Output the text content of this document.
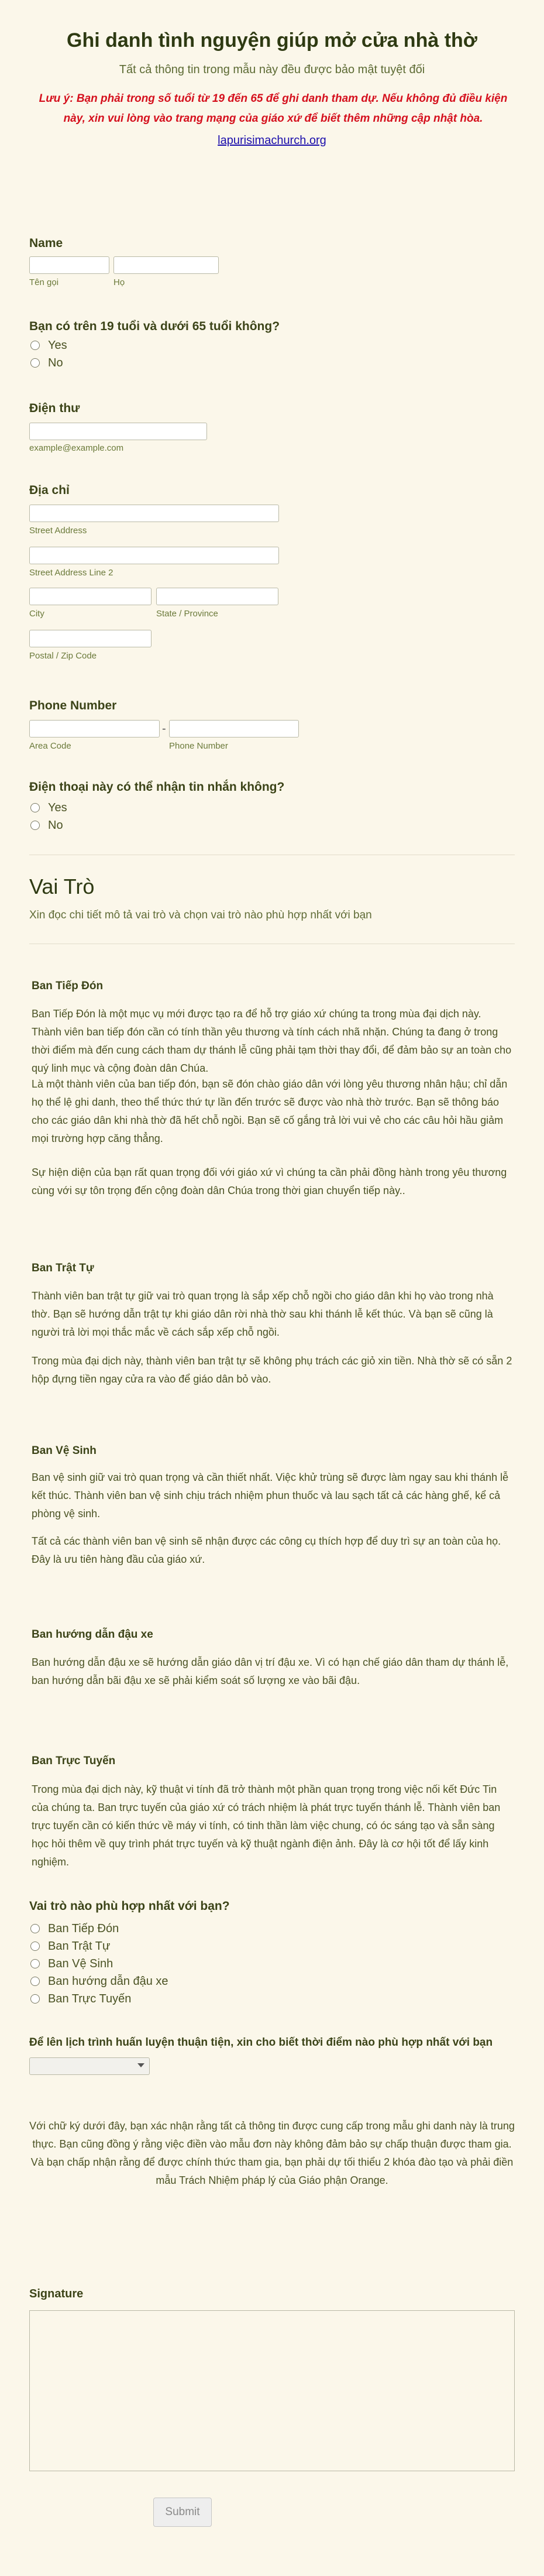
Ghi danh tình nguyện giúp mở cửa nhà thờ
Tất cả thông tin trong mẫu này đều được bảo mật tuyệt đối
Lưu ý: Bạn phải trong số tuổi từ 19 đến 65 để ghi danh tham dự. Nếu không đủ điều kiện này, xin vui lòng vào trang mạng của giáo xứ để biết thêm những cập nhật hòa.
lapurisimachurch.org
Name
Tên gọi	Họ
Bạn có trên 19 tuổi và dưới 65 tuổi không?
Yes
No
Điện thư
example@example.com
Địa chỉ
Street Address
Street Address Line 2
City	State / Province
Postal / Zip Code
Phone Number
-
Area Code	Phone Number
Điện thoại này có thể nhận tin nhắn không?
Yes
No
Vai Trò
Xin đọc chi tiết mô tả vai trò và chọn vai trò nào phù hợp nhất với bạn
Ban Tiếp Đón
Ban Tiếp Đón là một mục vụ mới được tạo ra để hỗ trợ giáo xứ chúng ta trong mùa đại dịch này. Thành viên ban tiếp đón cần có tính thần yêu thương và tính cách nhã nhặn. Chúng ta đang ở trong thời điểm mà đến cung cách tham dự thánh lễ cũng phải tạm thời thay đổi, để đảm bảo sự an toàn cho quý linh mục và cộng đoàn dân Chúa.
Là một thành viên của ban tiếp đón, bạn sẽ đón chào giáo dân với lòng yêu thương nhân hậu; chỉ dẫn họ thể lệ ghi danh, theo thể thức thứ tự lần đến trước sẽ được vào nhà thờ trước. Bạn sẽ thông báo cho các giáo dân khi nhà thờ đã hết chỗ ngồi. Bạn sẽ cố gắng trả lời vui vẻ cho các câu hỏi hầu giảm mọi trường hợp căng thẳng.
Sự hiện diện của bạn rất quan trọng đối với giáo xứ vì chúng ta cần phải đồng hành trong yêu thương cùng với sự tôn trọng đến cộng đoàn dân Chúa trong thời gian chuyển tiếp này..
Ban Trật Tự
Thành viên ban trật tự giữ vai trò quan trọng là sắp xếp chỗ ngồi cho giáo dân khi họ vào trong nhà thờ. Bạn sẽ hướng dẫn trật tự khi giáo dân rời nhà thờ sau khi thánh lễ kết thúc. Và bạn sẽ cũng là người trả lời mọi thắc mắc về cách sắp xếp chỗ ngồi.
Trong mùa đại dịch này, thành viên ban trật tự sẽ không phụ trách các giỏ xin tiền. Nhà thờ sẽ có sẵn 2 hộp đựng tiền ngay cửa ra vào để giáo dân bỏ vào.
Ban Vệ Sinh
Ban vệ sinh giữ vai trò quan trọng và cần thiết nhất. Việc khử trùng sẽ được làm ngay sau khi thánh lễ kết thúc. Thành viên ban vệ sinh chịu trách nhiệm phun thuốc và lau sạch tất cả các hàng ghế, kể cả phòng vệ sinh.
Tất cả các thành viên ban vệ sinh sẽ nhận được các công cụ thích hợp để duy trì sự an toàn của họ. Đây là ưu tiên hàng đầu của giáo xứ.
Ban hướng dẫn đậu xe
Ban hướng dẫn đậu xe sẽ hướng dẫn giáo dân vị trí đậu xe. Vì có hạn chế giáo dân tham dự thánh lễ, ban hướng dẫn bãi đậu xe sẽ phải kiểm soát số lượng xe vào bãi đậu.
Ban Trực Tuyến
Trong mùa đại dịch này, kỹ thuật vi tính đã trở thành một phần quan trọng trong việc nối kết Đức Tin của chúng ta. Ban trực tuyến của giáo xứ có trách nhiệm là phát trực tuyến thánh lễ. Thành viên ban trực tuyến cần có kiến thức về máy vi tính, có tinh thần làm việc chung, có óc sáng tạo và sẵn sàng học hỏi thêm về quy trình phát trực tuyến và kỹ thuật ngành điện ảnh. Đây là cơ hội tốt để lấy kinh nghiệm.
Vai trò nào phù hợp nhất với bạn?
Ban Tiếp Đón
Ban Trật Tự
Ban Vệ Sinh
Ban hướng dẫn đậu xe
Ban Trực Tuyến
Để lên lịch trình huấn luyện thuận tiện, xin cho biết thời điểm nào phù hợp nhất với bạn
Với chữ ký dưới đây, bạn xác nhận rằng tất cả thông tin được cung cấp trong mẫu ghi danh này là trung thực. Bạn cũng đồng ý rằng việc điền vào mẫu đơn này không đảm bảo sự chấp thuận được tham gia. Và bạn chấp nhận rằng để được chính thức tham gia, bạn phải dự tối thiểu 2 khóa đào tạo và phải điền mẫu Trách Nhiệm pháp lý của Giáo phận Orange.
Signature
Submit
